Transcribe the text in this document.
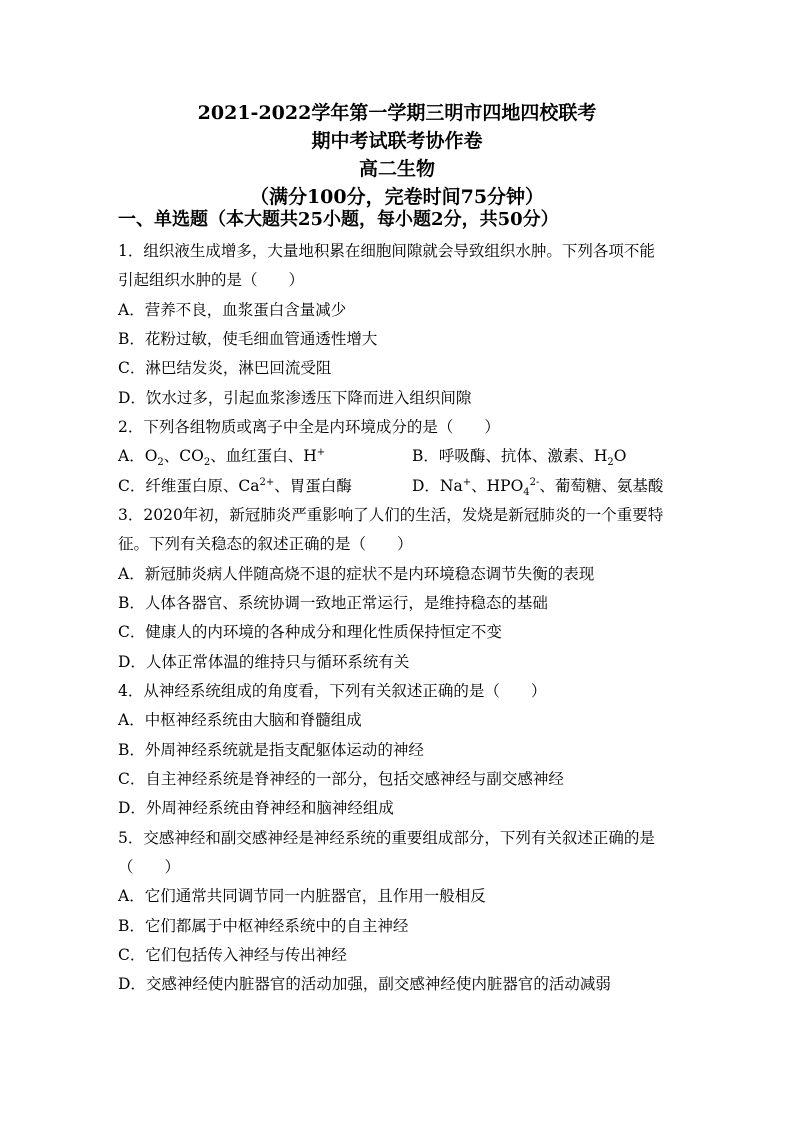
2021-2022学年第一学期三明市四地四校联考
期中考试联考协作卷
高二生物
（满分100分，完卷时间75分钟）
一、单选题（本大题共25小题，每小题2分，共50分）
1．组织液生成增多，大量地积累在细胞间隙就会导致组织水肿。下列各项不能
引起组织水肿的是（　　）
A．营养不良，血浆蛋白含量减少
B．花粉过敏，使毛细血管通透性增大
C．淋巴结发炎，淋巴回流受阻
D．饮水过多，引起血浆渗透压下降而进入组织间隙
2．下列各组物质或离子中全是内环境成分的是（　　）
A．$O_2$、$CO_2$、血红蛋白、H+	B．呼吸酶、抗体、激素、$H_2O$
C．纤维蛋白原、$Ca^{2+}$、胃蛋白酶	D．Na+、$HPO_4^{2-}$、葡萄糖、氨基酸
3．2020年初，新冠肺炎严重影响了人们的生活，发烧是新冠肺炎的一个重要特
征。下列有关稳态的叙述正确的是（　　）
A．新冠肺炎病人伴随高烧不退的症状不是内环境稳态调节失衡的表现
B．人体各器官、系统协调一致地正常运行，是维持稳态的基础
C．健康人的内环境的各种成分和理化性质保持恒定不变
D．人体正常体温的维持只与循环系统有关
4．从神经系统组成的角度看，下列有关叙述正确的是（　　）
A．中枢神经系统由大脑和脊髓组成
B．外周神经系统就是指支配躯体运动的神经
C．自主神经系统是脊神经的一部分，包括交感神经与副交感神经
D．外周神经系统由脊神经和脑神经组成
5．交感神经和副交感神经是神经系统的重要组成部分，下列有关叙述正确的是
（　　）
A．它们通常共同调节同一内脏器官，且作用一般相反
B．它们都属于中枢神经系统中的自主神经
C．它们包括传入神经与传出神经
D．交感神经使内脏器官的活动加强，副交感神经使内脏器官的活动减弱
